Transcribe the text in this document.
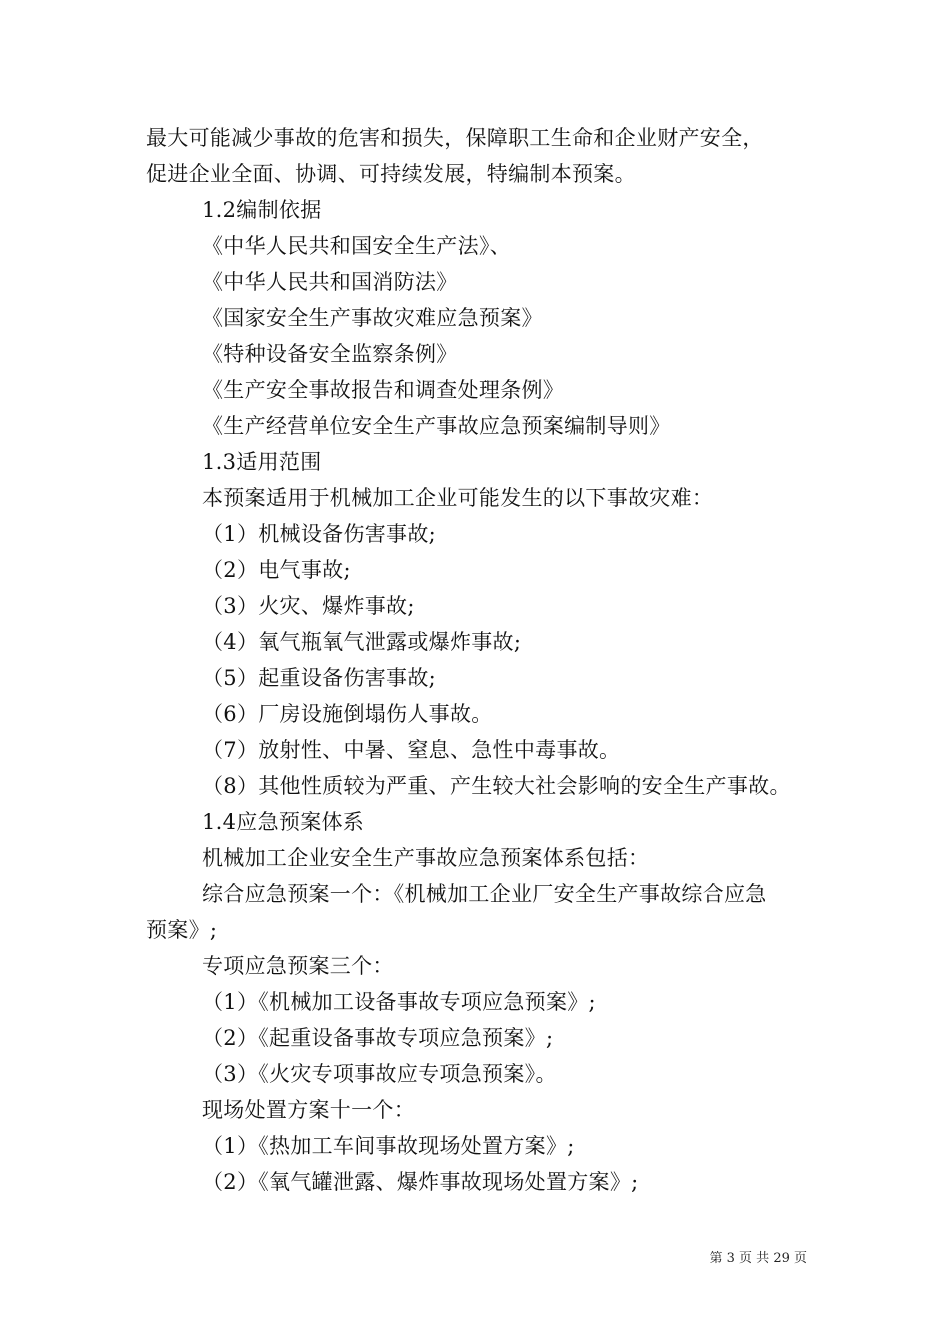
最大可能减少事故的危害和损失，保障职工生命和企业财产安全，
促进企业全面、协调、可持续发展，特编制本预案。
1.2编制依据
《中华人民共和国安全生产法》、
《中华人民共和国消防法》
《国家安全生产事故灾难应急预案》
《特种设备安全监察条例》
《生产安全事故报告和调查处理条例》
《生产经营单位安全生产事故应急预案编制导则》
1.3适用范围
本预案适用于机械加工企业可能发生的以下事故灾难：
（1）机械设备伤害事故;
（2）电气事故;
（3）火灾、爆炸事故;
（4）氧气瓶氧气泄露或爆炸事故;
（5）起重设备伤害事故;
（6）厂房设施倒塌伤人事故。
（7）放射性、中暑、窒息、急性中毒事故。
（8）其他性质较为严重、产生较大社会影响的安全生产事故。
1.4应急预案体系
机械加工企业安全生产事故应急预案体系包括：
综合应急预案一个：《机械加工企业厂安全生产事故综合应急
预案》;
专项应急预案三个：
（1）《机械加工设备事故专项应急预案》;
（2）《起重设备事故专项应急预案》;
（3）《火灾专项事故应专项急预案》。
现场处置方案十一个：
（1）《热加工车间事故现场处置方案》;
（2）《氧气罐泄露、爆炸事故现场处置方案》;
第 3 页 共 29 页
